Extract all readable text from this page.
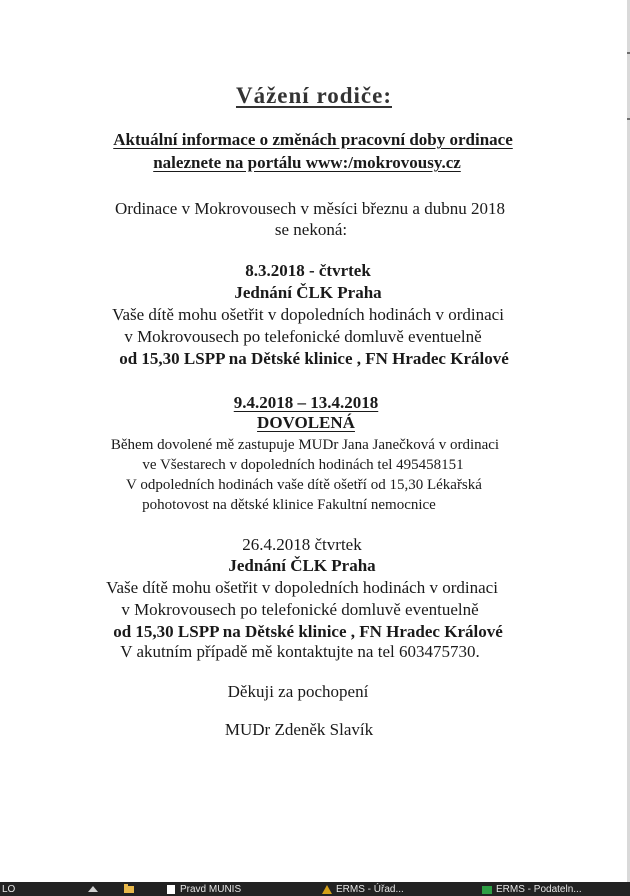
Vážení rodiče:
Aktuální informace o změnách pracovní doby ordinace
naleznete na portálu www:/mokrovousy.cz
Ordinace v Mokrovousech v měsíci březnu a dubnu 2018
se nekoná:
8.3.2018 - čtvrtek
Jednání ČLK Praha
Vaše dítě mohu ošetřit v dopoledních hodinách v ordinaci
v Mokrovousech po telefonické domluvě eventuelně
od 15,30 LSPP na Dětské klinice , FN Hradec Králové
9.4.2018 – 13.4.2018
DOVOLENÁ
Během dovolené mě zastupuje MUDr Jana Janečková v ordinaci
ve Všestarech v dopoledních hodinách tel 495458151
V odpoledních hodinách vaše dítě ošetří od 15,30 Lékařská
pohotovost na dětské klinice Fakultní nemocnice
26.4.2018 čtvrtek
Jednání ČLK Praha
Vaše dítě mohu ošetřit v dopoledních hodinách v ordinaci
v Mokrovousech po telefonické domluvě eventuelně
od 15,30 LSPP na Dětské klinice , FN Hradec Králové
V akutním případě mě kontaktujte na tel 603475730.
Děkuji za pochopení
MUDr Zdeněk Slavík
LO	Pravd MUNIS	ERMS - Úřad...	ERMS - Podateln...
